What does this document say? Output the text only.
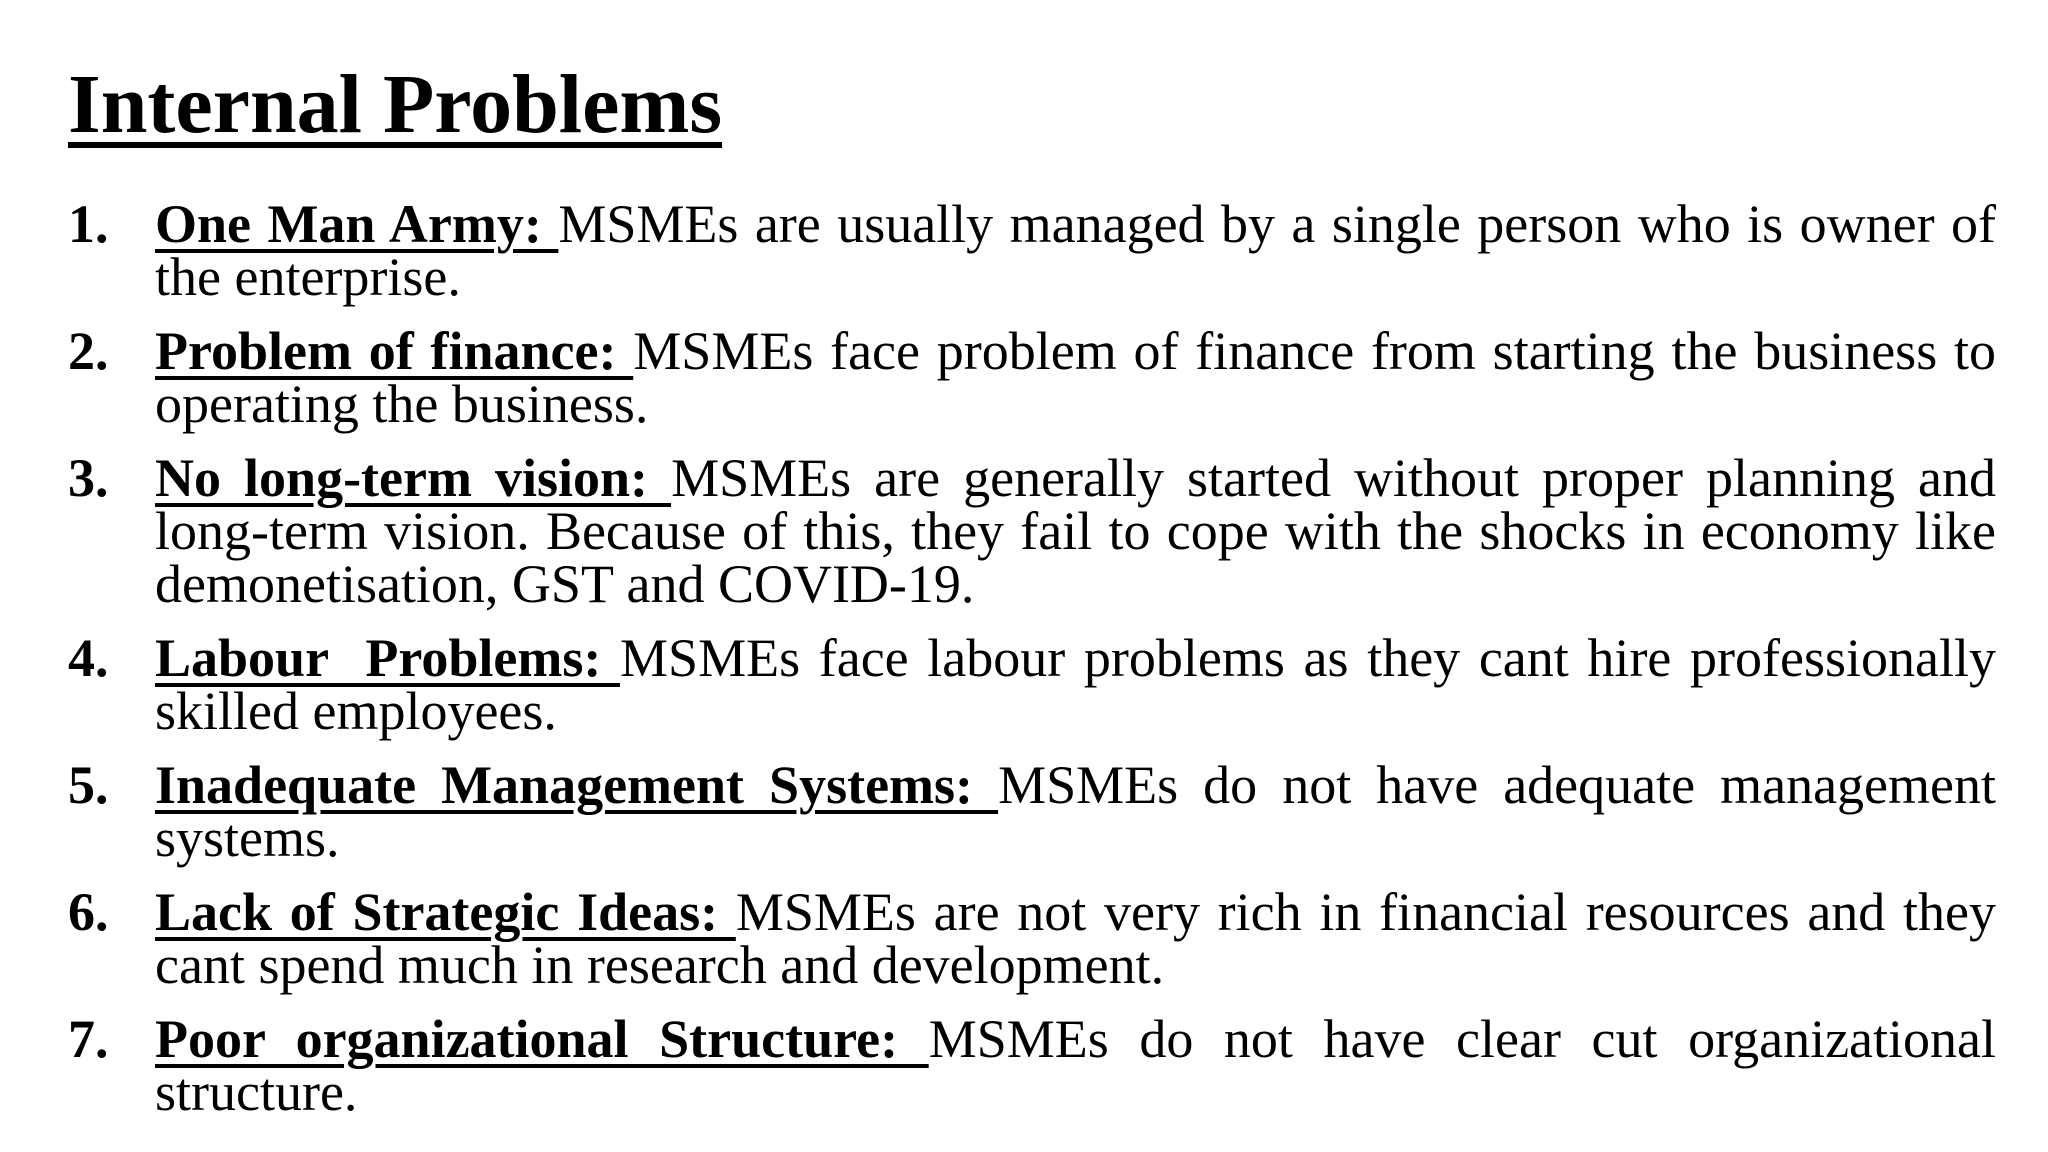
Internal Problems
1. One Man Army: MSMEs are usually managed by a single person who is owner of the enterprise.
2. Problem of finance: MSMEs face problem of finance from starting the business to operating the business.
3. No long-term vision: MSMEs are generally started without proper planning and long-term vision. Because of this, they fail to cope with the shocks in economy like demonetisation, GST and COVID-19.
4. Labour  Problems: MSMEs face labour problems as they cant hire professionally skilled employees.
5. Inadequate Management Systems: MSMEs do not have adequate management systems.
6. Lack of Strategic Ideas: MSMEs are not very rich in financial resources and they cant spend much in research and development.
7. Poor organizational Structure: MSMEs do not have clear cut organizational structure.
